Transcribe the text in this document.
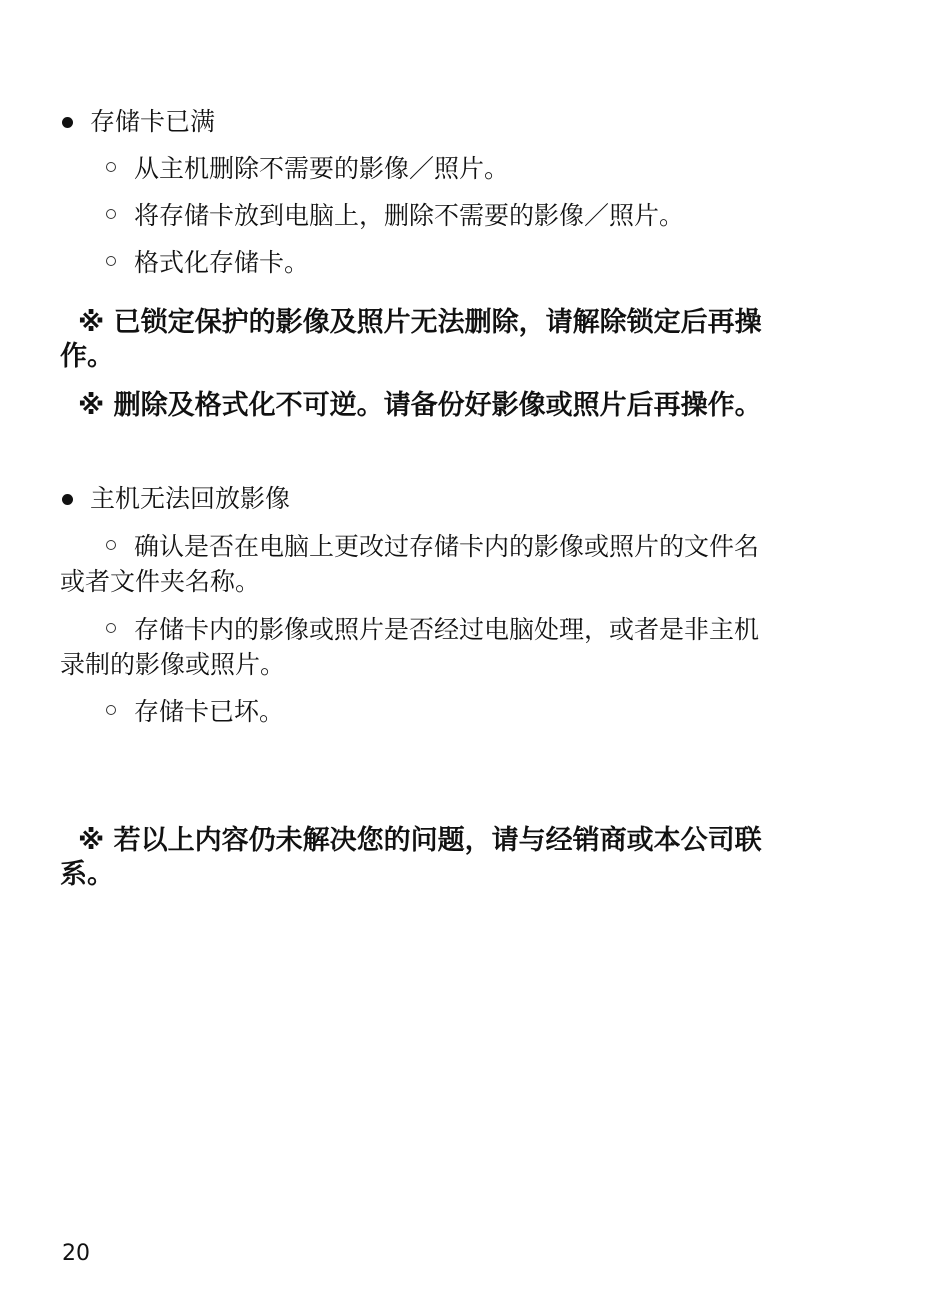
存储卡已满
从主机删除不需要的影像／照片。
将存储卡放到电脑上，删除不需要的影像／照片。
格式化存储卡。
※ 已锁定保护的影像及照片无法删除，请解除锁定后再操
作。
※ 删除及格式化不可逆。请备份好影像或照片后再操作。
主机无法回放影像
确认是否在电脑上更改过存储卡内的影像或照片的文件名
或者文件夹名称。
存储卡内的影像或照片是否经过电脑处理，或者是非主机
录制的影像或照片。
存储卡已坏。
※ 若以上内容仍未解决您的问题，请与经销商或本公司联
系。
20
